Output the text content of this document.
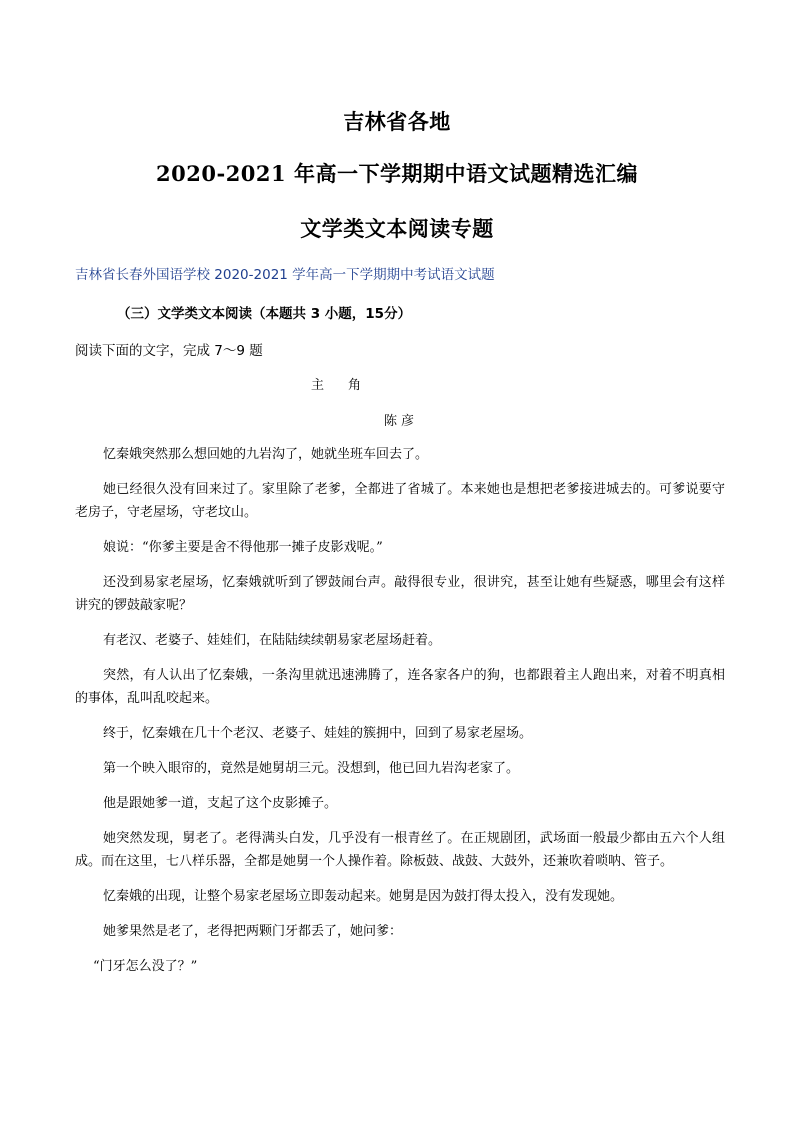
吉林省各地
2020-2021 年高一下学期期中语文试题精选汇编
文学类文本阅读专题
吉林省长春外国语学校 2020-2021 学年高一下学期期中考试语文试题
（三）文学类文本阅读（本题共 3 小题，15分）
阅读下面的文字，完成 7～9 题
主角
陈彦

忆秦娥突然那么想回她的九岩沟了，她就坐班车回去了。

她已经很久没有回来过了。家里除了老爹，全都进了省城了。本来她也是想把老爹接进城去的。可爹说要守老房子，守老屋场，守老坟山。

娘说：“你爹主要是舍不得他那一摊子皮影戏呢。”

还没到易家老屋场，忆秦娥就听到了锣鼓闹台声。敲得很专业，很讲究，甚至让她有些疑惑，哪里会有这样讲究的锣鼓敲家呢？

有老汉、老婆子、娃娃们，在陆陆续续朝易家老屋场赶着。

突然，有人认出了忆秦娥，一条沟里就迅速沸腾了，连各家各户的狗，也都跟着主人跑出来，对着不明真相的事体，乱叫乱咬起来。

终于，忆秦娥在几十个老汉、老婆子、娃娃的簇拥中，回到了易家老屋场。

第一个映入眼帘的，竟然是她舅胡三元。没想到，他已回九岩沟老家了。

他是跟她爹一道，支起了这个皮影摊子。

她突然发现，舅老了。老得满头白发，几乎没有一根青丝了。在正规剧团，武场面一般最少都由五六个人组成。而在这里，七八样乐器，全都是她舅一个人操作着。除板鼓、战鼓、大鼓外，还兼吹着唢呐、管子。

忆秦娥的出现，让整个易家老屋场立即轰动起来。她舅是因为鼓打得太投入，没有发现她。

她爹果然是老了，老得把两颗门牙都丢了，她问爹：

“门牙怎么没了？”
